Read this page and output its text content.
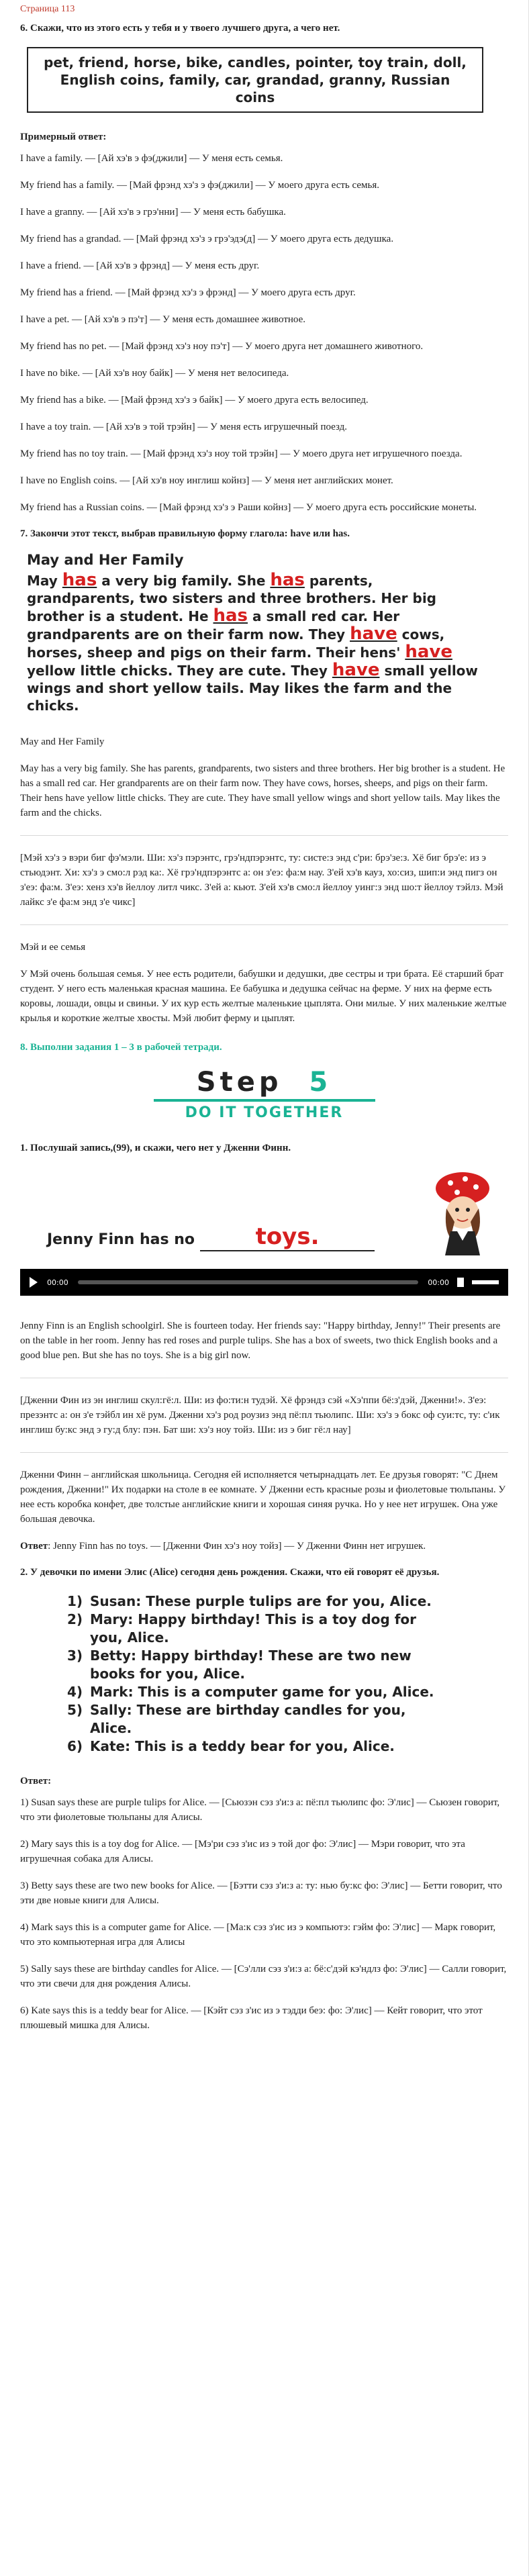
Страница 113
6. Скажи, что из этого есть у тебя и у твоего лучшего друга, а чего нет.
pet, friend, horse, bike, candles, pointer, toy train, doll, English coins, family, car, grandad, granny, Russian coins
Примерный ответ:

I have a family. — [Ай хэ'в э фэ(джили] — У меня есть семья.

My friend has a family. — [Май фрэнд хэ'з э фэ(джили] — У моего друга есть семья.

I have a granny. — [Ай хэ'в э грэ'нни] — У меня есть бабушка.

My friend has a grandad. — [Май фрэнд хэ'з э грэ'эдэ(д] — У моего друга есть дедушка.

I have a friend. — [Ай хэ'в э фрэнд] — У меня есть друг.

My friend has a friend. — [Май фрэнд хэ'з э фрэнд] — У моего друга есть друг.

I have a pet. — [Ай хэ'в э пэ'т] — У меня есть домашнее животное.

My friend has no pet. — [Май фрэнд хэ'з ноу пэ'т] — У моего друга нет домашнего животного.

I have no bike. — [Ай хэ'в ноу байк] — У меня нет велосипеда.

My friend has a bike. — [Май фрэнд хэ'з э байк] — У моего друга есть велосипед.

I have a toy train. — [Ай хэ'в э той трэйн] — У меня есть игрушечный поезд.

My friend has no toy train. — [Май фрэнд хэ'з ноу той трэйн] — У моего друга нет игрушечного поезда.

I have no English coins. — [Ай хэ'в ноу инглиш койнз] — У меня нет английских монет.

My friend has a Russian coins. — [Май фрэнд хэ'з э Раши койнз] — У моего друга есть российские монеты.

7. Закончи этот текст, выбрав правильную форму глагола: have или has.
May and Her Family
May has a very big family. She has parents, grandparents, two sisters and three brothers. Her big brother is a student. He has a small red car. Her grandparents are on their farm now. They have cows, horses, sheep and pigs on their farm. Their hens' have yellow little chicks. They are cute. They have small yellow wings and short yellow tails. May likes the farm and the chicks.

May and Her Family

May has a very big family. She has parents, grandparents, two sisters and three brothers. Her big brother is a student. He has a small red car. Her grandparents are on their farm now. They have cows, horses, sheeps, and pigs on their farm. Their hens have yellow little chicks. They are cute. They have small yellow wings and short yellow tails. May likes the farm and the chicks.

[Мэй хэ'з э вэри биг фэ'мэли. Ши: хэ'з пэрэнтс, грэ'ндпэрэнтс, ту: систе:з энд с'ри: брэ'зе:з. Хё биг брэ'е: из э стьюдэнт. Хи: хэ'з э смо:л рэд ка:. Хё грэ'ндпэрэнтс а: он з'еэ: фа:м нау. З'ей хэ'в кауз, хо:сиз, шип:и энд пигз он з'еэ: фа:м. З'еэ: хенз хэ'в йеллоу литл чикс. З'ей а: кьют. З'ей хэ'в смо:л йеллоу уинг:з энд шо:т йеллоу тэйлз. Мэй лайкс з'е фа:м энд з'е чикс]

Мэй и ее семья

У Мэй очень большая семья. У нее есть родители, бабушки и дедушки, две сестры и три брата. Её старший брат студент. У него есть маленькая красная машина. Ее бабушка и дедушка сейчас на ферме. У них на ферме есть коровы, лошади, овцы и свиньи. У их кур есть желтые маленькие цыплята. Они милые. У них маленькие желтые крылья и короткие желтые хвосты. Мэй любит ферму и цыплят.

8. Выполни задания 1 – 3 в рабочей тетради.
Step 5
DO IT TOGETHER
1. Послушай запись,(99), и скажи, чего нет у Дженни Финн.
Jenny Finn has no	toys.
00:00	00:00

Jenny Finn is an English schoolgirl. She is fourteen today. Her friends say: "Happy birthday, Jenny!" Their presents are on the table in her room. Jenny has red roses and purple tulips. She has a box of sweets, two thick English books and a good blue pen. But she has no toys. She is a big girl now.

[Дженни Фин из эн инглиш скул:гё:л. Ши: из фо:ти:н тудэй. Хё фрэндз сэй «Хэ'ппи бё:з'дэй, Дженни!». З'еэ: презэнтс а: он з'е тэйбл ин хё рум. Дженни хэ'з род роузиз энд пё:пл тьюлипс. Ши: хэ'з э бокс оф суи:тс, ту: с'ик инглиш бу:кс энд э гу:д блу: пэн. Бат ши: хэ'з ноу тойз. Ши: из э биг гё:л нау]

Дженни Финн – английская школьница. Сегодня ей исполняется четырнадцать лет. Ее друзья говорят: "С Днем рождения, Дженни!" Их подарки на столе в ее комнате. У Дженни есть красные розы и фиолетовые тюльпаны. У нее есть коробка конфет, две толстые английские книги и хорошая синяя ручка. Но у нее нет игрушек. Она уже большая девочка.

Ответ: Jenny Finn has no toys. — [Дженни Фин хэ'з ноу тойз] — У Дженни Финн нет игрушек.

2. У девочки по имени Элис (Alice) сегодня день рождения. Скажи, что ей говорят её друзья.
1) Susan: These purple tulips are for you, Alice.
2) Mary: Happy birthday! This is a toy dog for you, Alice.
3) Betty: Happy birthday! These are two new books for you, Alice.
4) Mark: This is a computer game for you, Alice.
5) Sally: These are birthday candles for you, Alice.
6) Kate: This is a teddy bear for you, Alice.
Ответ:

1) Susan says these are purple tulips for Alice. — [Сьюзэн сэз з'и:з а: пё:пл тьюлипс фо: Э'лис] — Сьюзен говорит, что эти фиолетовые тюльпаны для Алисы.

2) Mary says this is a toy dog for Alice. — [Мэ'ри сэз з'ис из э той дог фо: Э'лис] — Мэри говорит, что эта игрушечная собака для Алисы.

3) Betty says these are two new books for Alice. — [Бэтти сэз з'и:з а: ту: нью бу:кс фо: Э'лис] — Бетти говорит, что эти две новые книги для Алисы.

4) Mark says this is a computer game for Alice. — [Ма:к сэз з'ис из э компьютэ: гэйм фо: Э'лис] — Марк говорит, что это компьютерная игра для Алисы

5) Sally says these are birthday candles for Alice. — [Сэ'лли сэз з'и:з а: бё:с'дэй кэ'ндлз фо: Э'лис] — Салли говорит, что эти свечи для дня рождения Алисы.

6) Kate says this is a teddy bear for Alice. — [Кэйт сэз з'ис из э тэдди беэ: фо: Э'лис] — Кейт говорит, что этот плюшевый мишка для Алисы.
